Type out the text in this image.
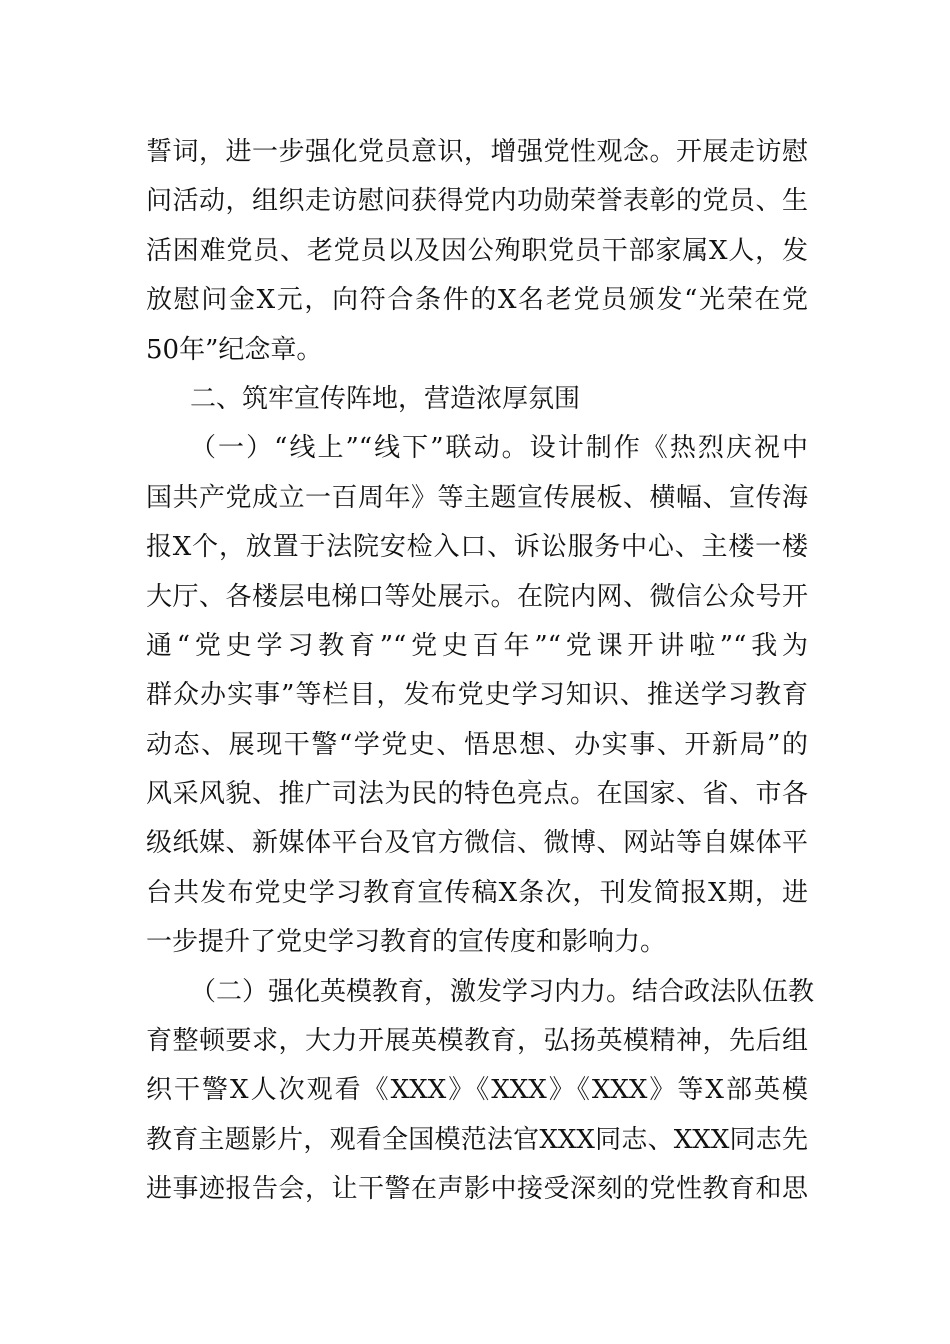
誓词，进一步强化党员意识，增强党性观念。开展走访慰
问活动，组织走访慰问获得党内功勋荣誉表彰的党员、生
活困难党员、老党员以及因公殉职党员干部家属X人，发
放慰问金X元，向符合条件的X名老党员颁发“光荣在党
50年”纪念章。
二、筑牢宣传阵地，营造浓厚氛围
（一）“线上”“线下”联动。设计制作《热烈庆祝中
国共产党成立一百周年》等主题宣传展板、横幅、宣传海
报X个，放置于法院安检入口、诉讼服务中心、主楼一楼
大厅、各楼层电梯口等处展示。在院内网、微信公众号开
通“党史学习教育”“党史百年”“党课开讲啦”“我为
群众办实事”等栏目，发布党史学习知识、推送学习教育
动态、展现干警“学党史、悟思想、办实事、开新局”的
风采风貌、推广司法为民的特色亮点。在国家、省、市各
级纸媒、新媒体平台及官方微信、微博、网站等自媒体平
台共发布党史学习教育宣传稿X条次，刊发简报X期，进
一步提升了党史学习教育的宣传度和影响力。
（二）强化英模教育，激发学习内力。结合政法队伍教
育整顿要求，大力开展英模教育，弘扬英模精神，先后组
织干警X人次观看《XXX》《XXX》《XXX》等X部英模
教育主题影片，观看全国模范法官XXX同志、XXX同志先
进事迹报告会，让干警在声影中接受深刻的党性教育和思
